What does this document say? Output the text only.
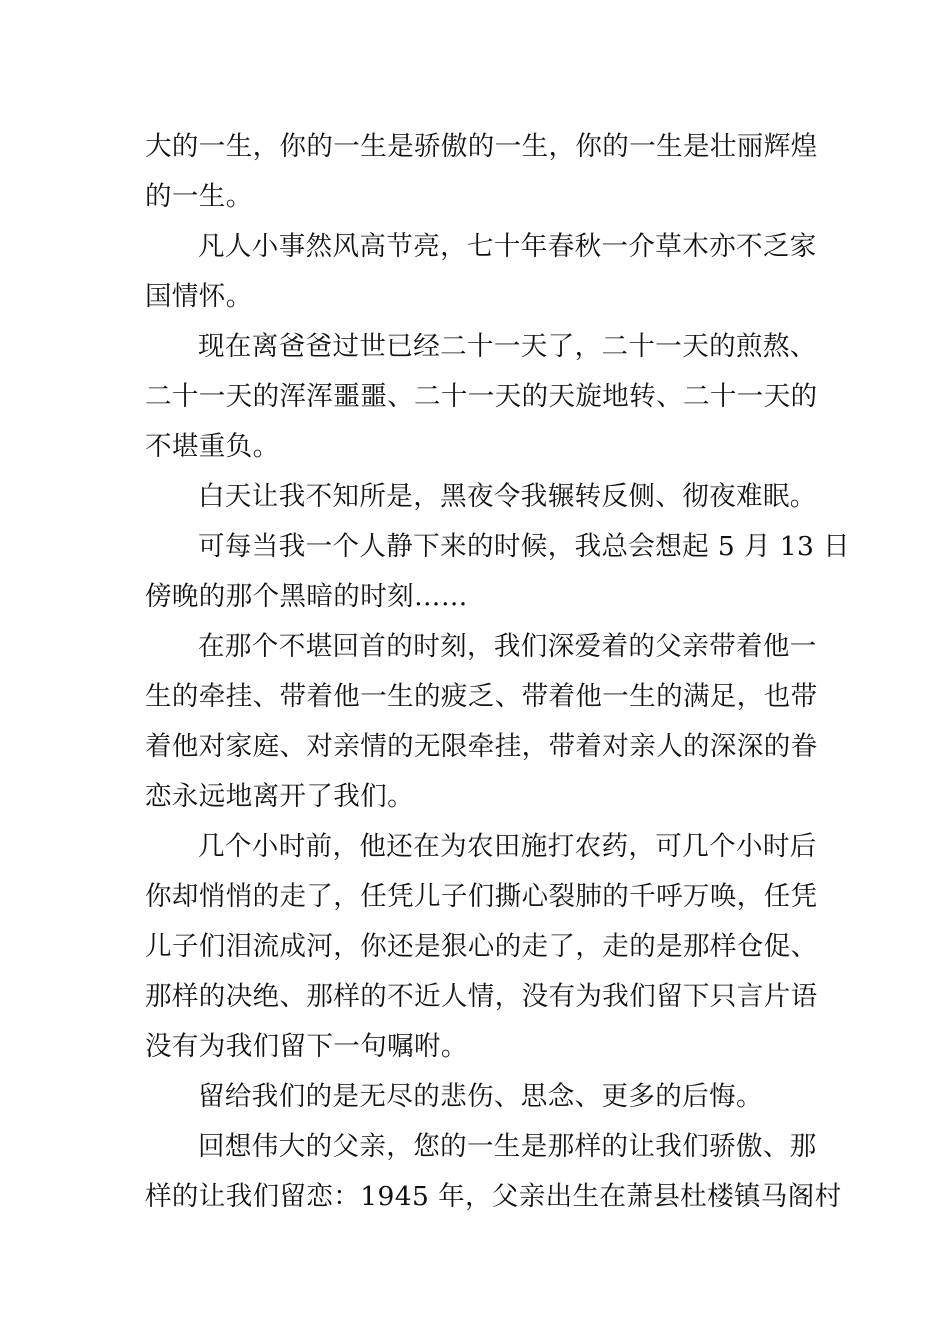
大的一生，你的一生是骄傲的一生，你的一生是壮丽辉煌
的一生。
凡人小事然风高节亮，七十年春秋一介草木亦不乏家
国情怀。
现在离爸爸过世已经二十一天了，二十一天的煎熬、
二十一天的浑浑噩噩、二十一天的天旋地转、二十一天的
不堪重负。
白天让我不知所是，黑夜令我辗转反侧、彻夜难眠。
可每当我一个人静下来的时候，我总会想起 5 月 13 日
傍晚的那个黑暗的时刻……
在那个不堪回首的时刻，我们深爱着的父亲带着他一
生的牵挂、带着他一生的疲乏、带着他一生的满足，也带
着他对家庭、对亲情的无限牵挂，带着对亲人的深深的眷
恋永远地离开了我们。
几个小时前，他还在为农田施打农药，可几个小时后
你却悄悄的走了，任凭儿子们撕心裂肺的千呼万唤，任凭
儿子们泪流成河，你还是狠心的走了，走的是那样仓促、
那样的决绝、那样的不近人情，没有为我们留下只言片语
没有为我们留下一句嘱咐。
留给我们的是无尽的悲伤、思念、更多的后悔。
回想伟大的父亲，您的一生是那样的让我们骄傲、那
样的让我们留恋：1945 年，父亲出生在萧县杜楼镇马阁村
